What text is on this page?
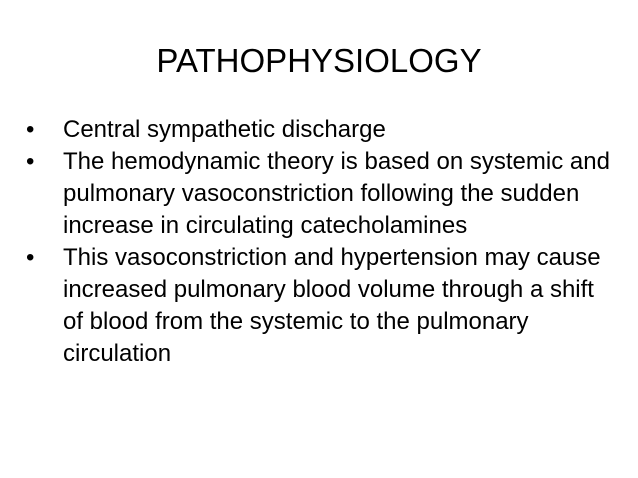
PATHOPHYSIOLOGY
•	Central sympathetic discharge
•	The hemodynamic theory is based on systemic and pulmonary vasoconstriction following the sudden increase in circulating catecholamines
•	This vasoconstriction and hypertension may cause increased pulmonary blood volume through a shift of blood from the systemic to the pulmonary circulation
